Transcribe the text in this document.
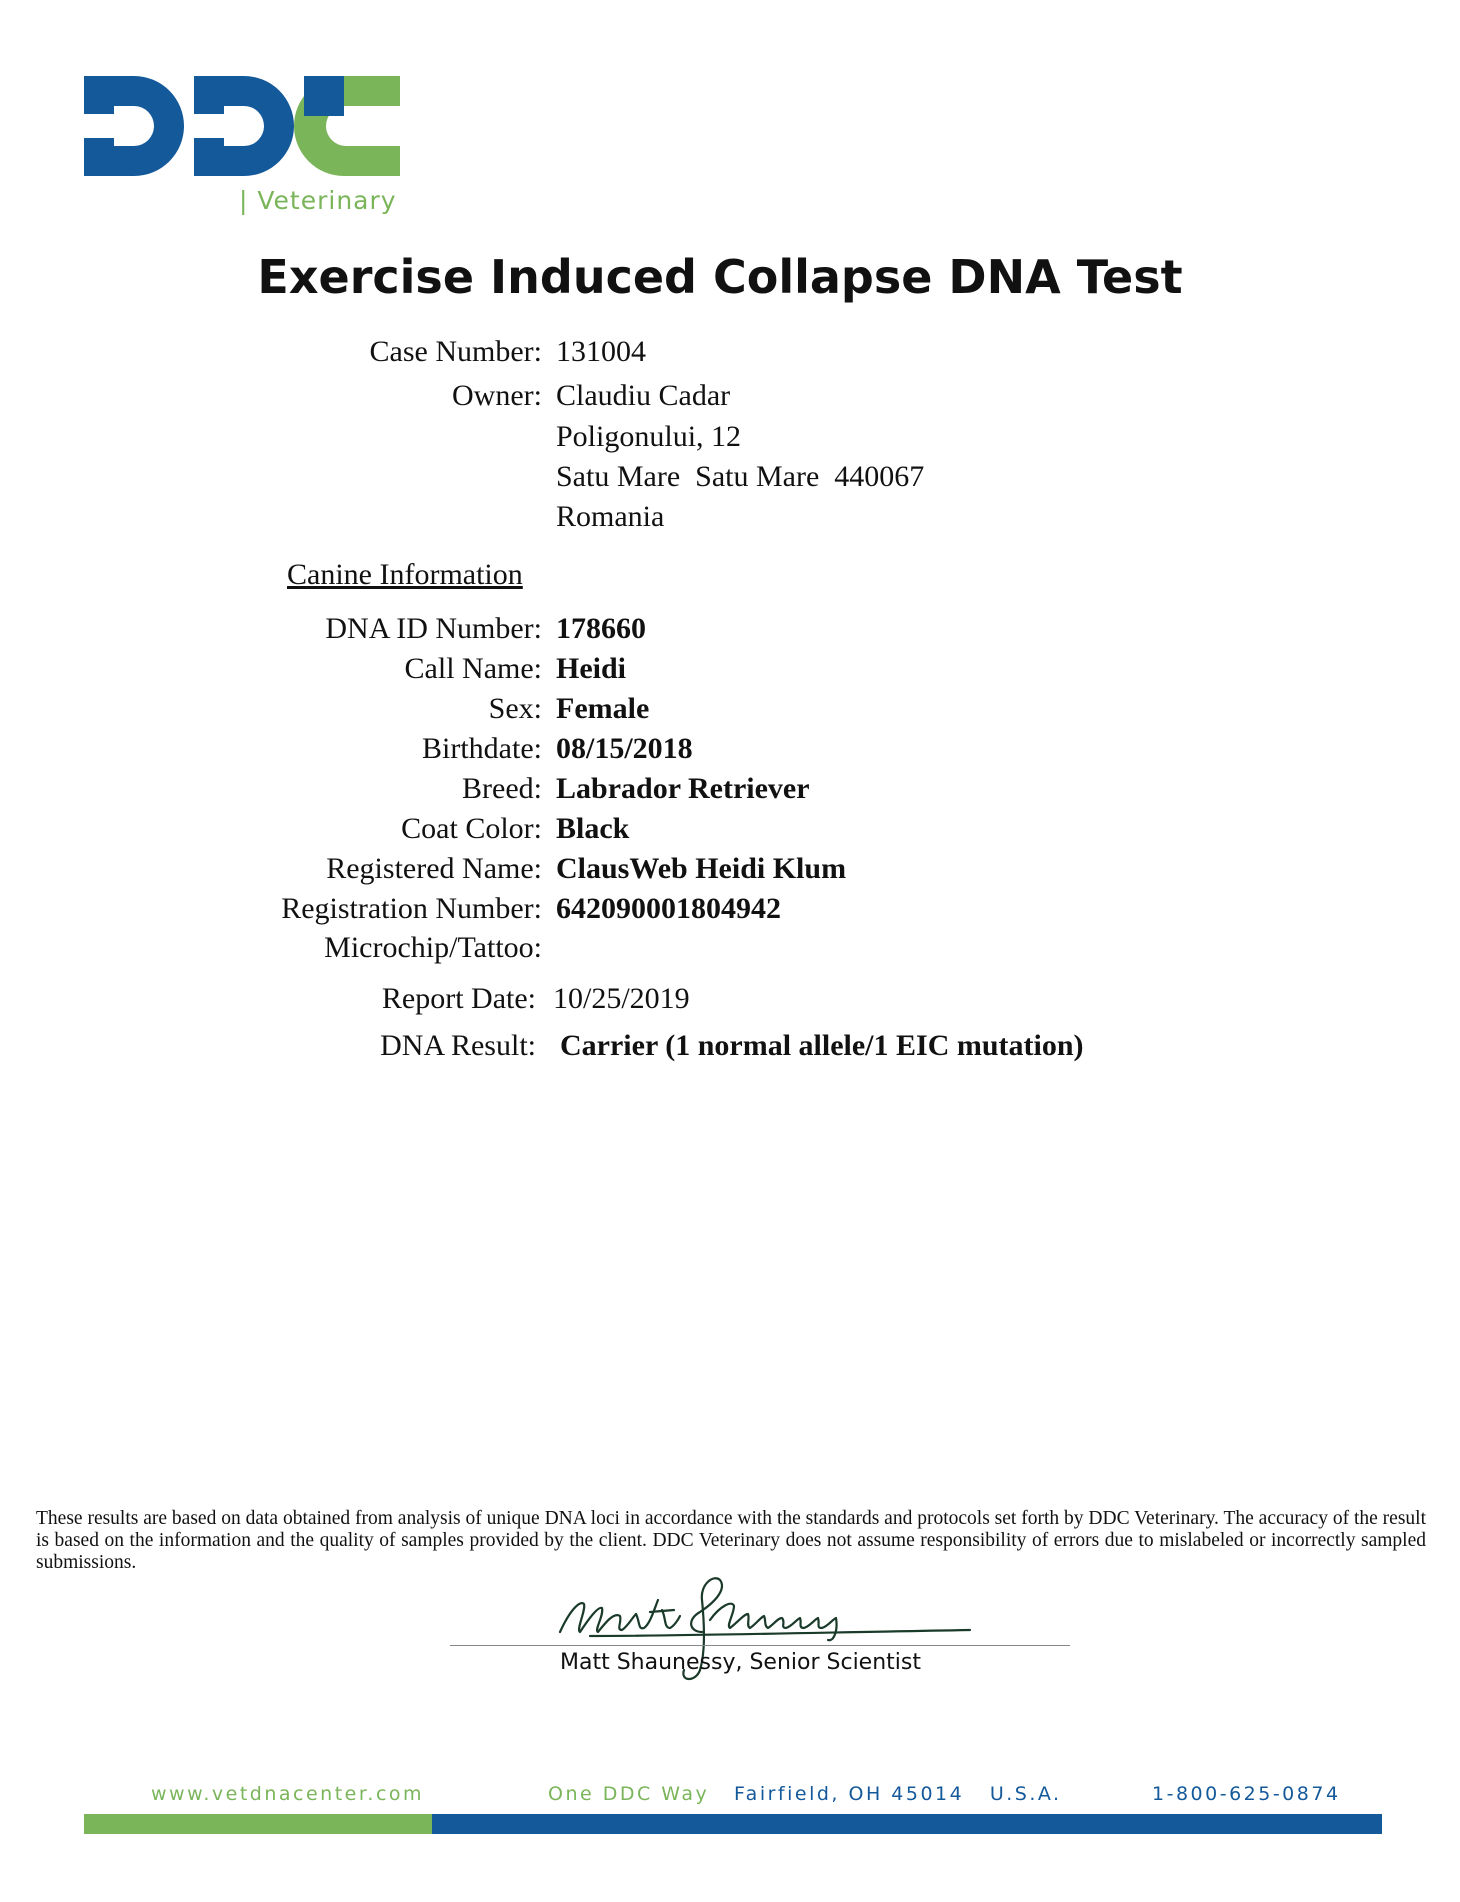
| Veterinary
Exercise Induced Collapse DNA Test
Case Number: 131004
Owner: Claudiu Cadar
Poligonului, 12
Satu Mare  Satu Mare  440067
Romania
Canine Information
DNA ID Number: 178660
Call Name: Heidi
Sex: Female
Birthdate: 08/15/2018
Breed: Labrador Retriever
Coat Color: Black
Registered Name: ClausWeb Heidi Klum
Registration Number: 642090001804942
Microchip/Tattoo:
Report Date: 10/25/2019
DNA Result: Carrier (1 normal allele/1 EIC mutation)
These results are based on data obtained from analysis of unique DNA loci in accordance with the standards and protocols set forth by DDC Veterinary. The accuracy of the result is based on the information and the quality of samples provided by the client. DDC Veterinary does not assume responsibility of errors due to mislabeled or incorrectly sampled submissions.
Matt Shaunessy, Senior Scientist
www.vetdnacenter.com	One DDC Way Fairfield, OH 45014   U.S.A.	1-800-625-0874
